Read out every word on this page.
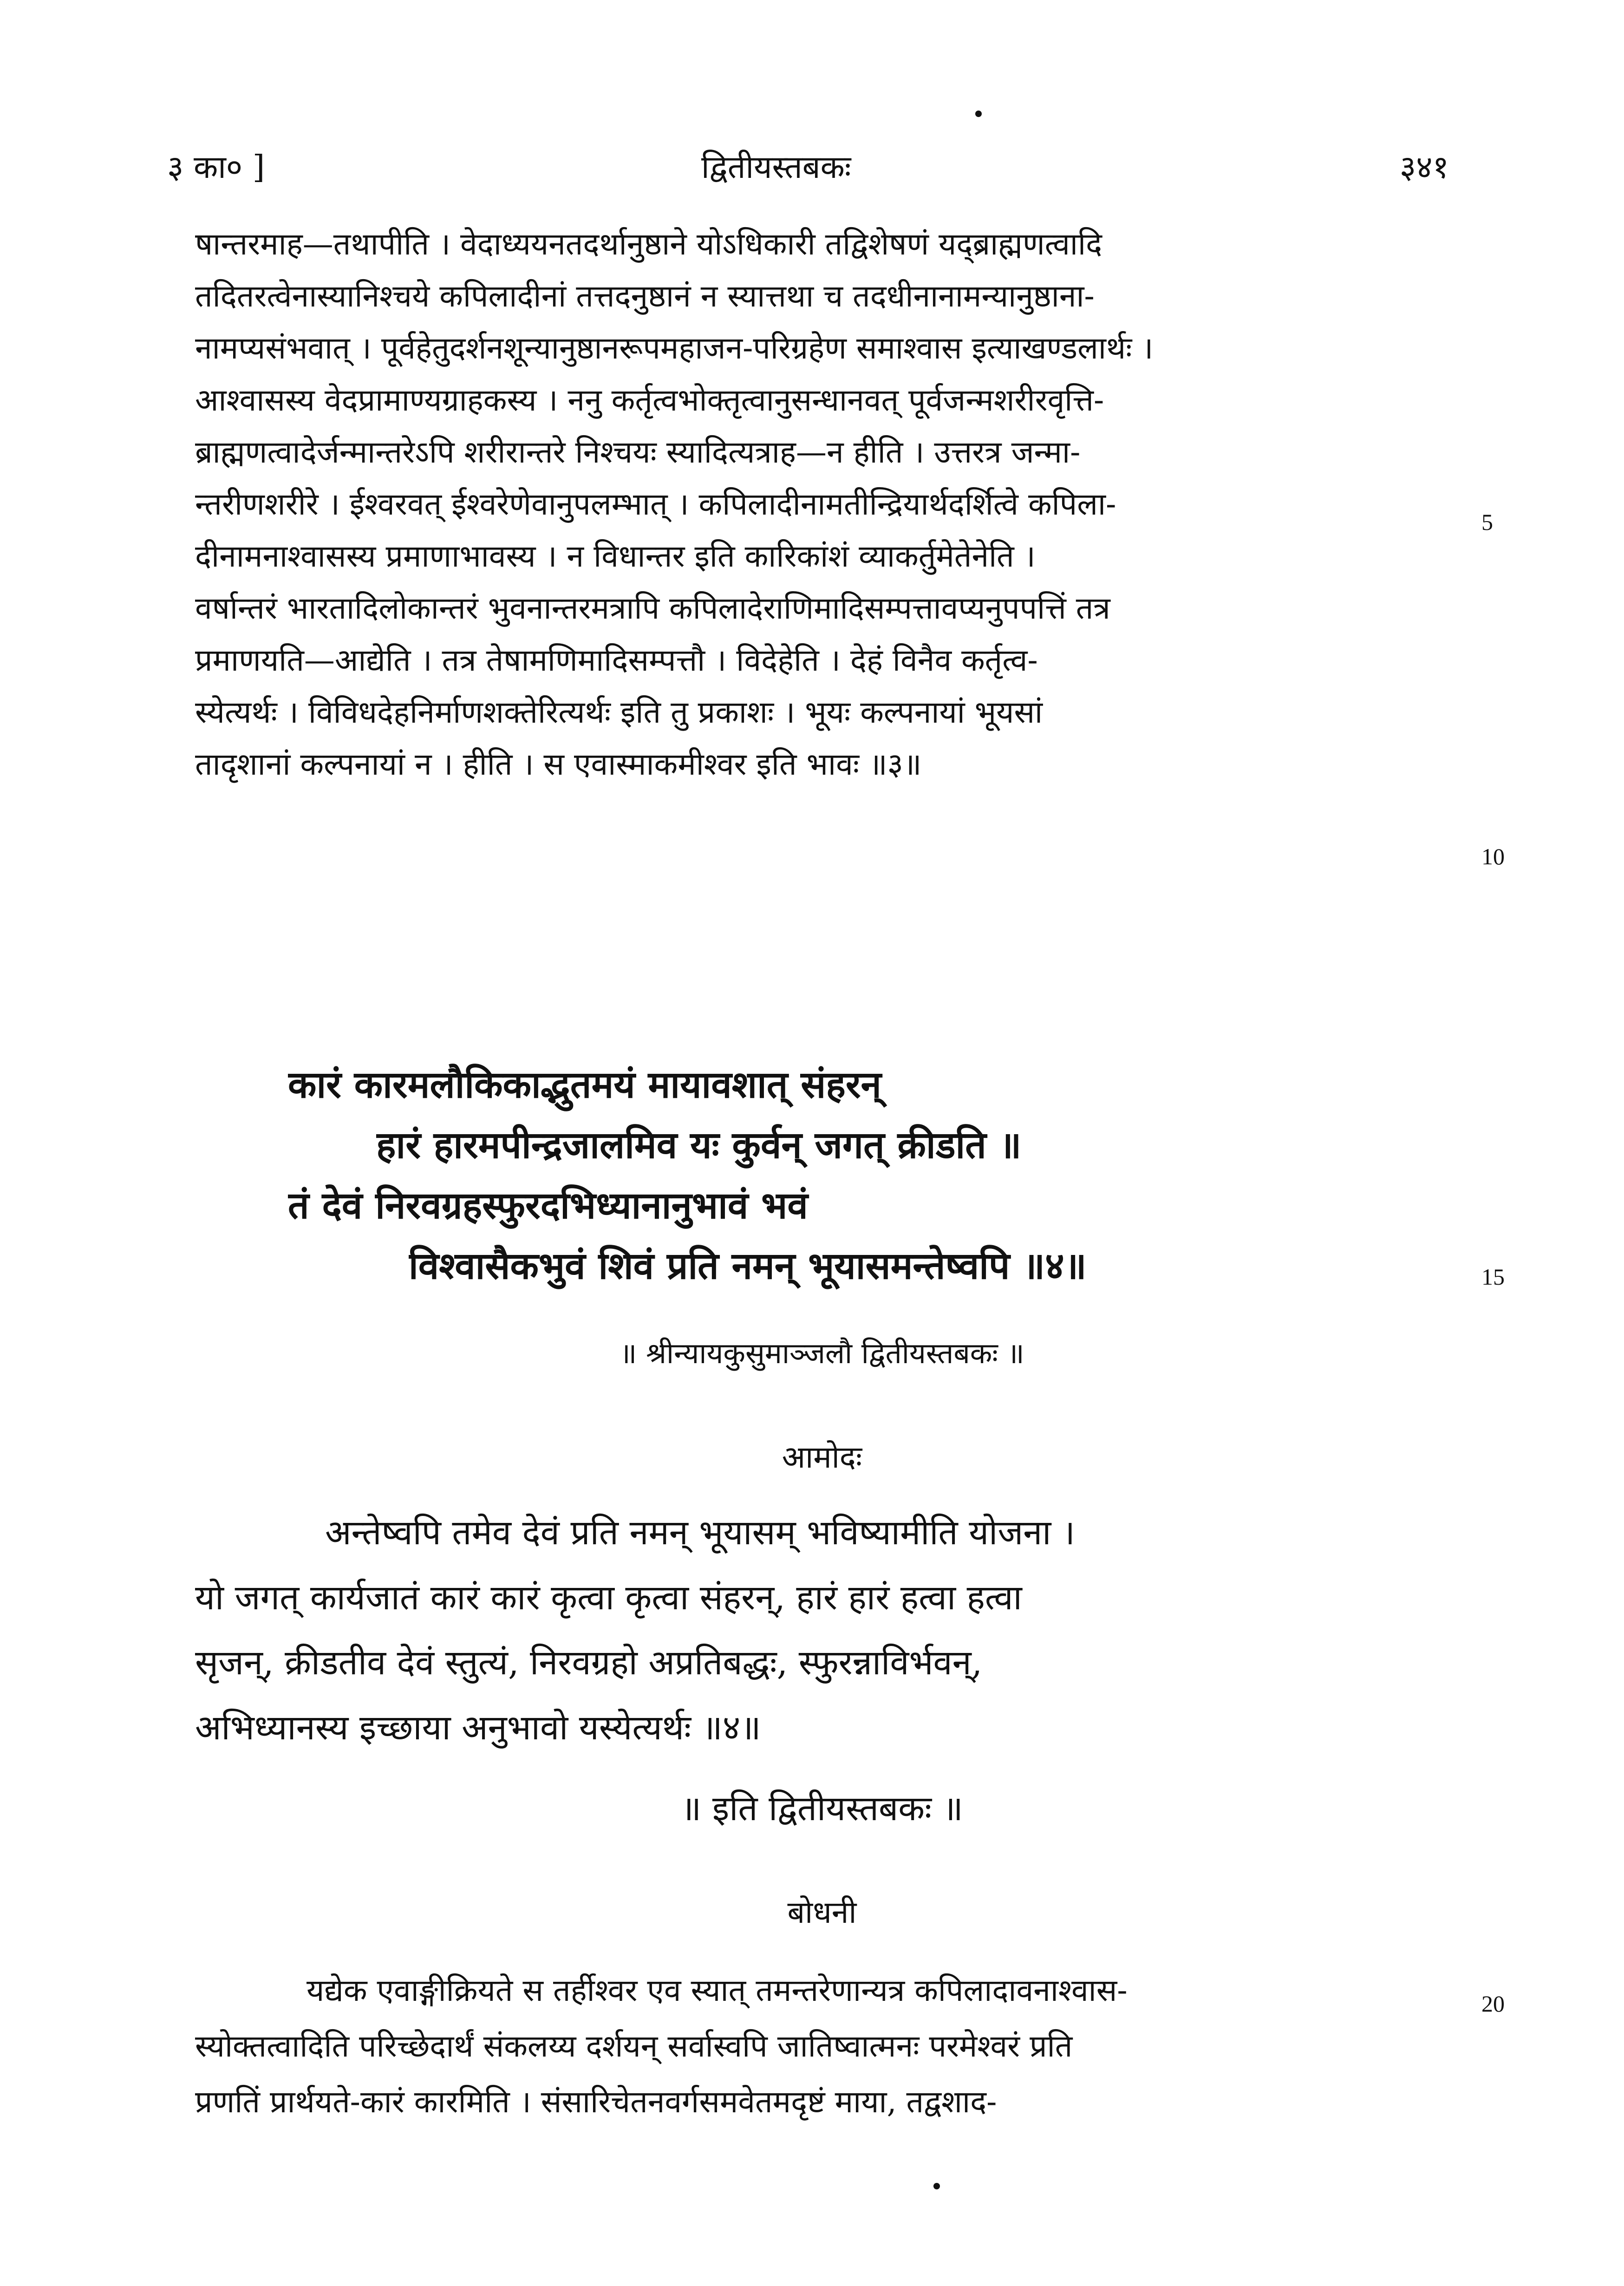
३ का० ]	द्वितीयस्तबकः	३४१
षान्तरमाह—तथापीति । वेदाध्ययनतदर्थानुष्ठाने योऽधिकारी तद्विशेषणं यद्ब्राह्मणत्वादि
तदितरत्वेनास्यानिश्चये कपिलादीनां तत्तदनुष्ठानं न स्यात्तथा च तदधीनानामन्यानुष्ठाना-
नामप्यसंभवात् । पूर्वहेतुदर्शनशून्यानुष्ठानरूपमहाजन-परिग्रहेण समाश्वास इत्याखण्डलार्थः ।
आश्वासस्य वेदप्रामाण्यग्राहकस्य । ननु कर्तृत्वभोक्तृत्वानुसन्धानवत् पूर्वजन्मशरीरवृत्ति-
ब्राह्मणत्वादेर्जन्मान्तरेऽपि शरीरान्तरे निश्चयः स्यादित्यत्राह—न हीति । उत्तरत्र जन्मा-
न्तरीणशरीरे । ईश्वरवत् ईश्वरेणेवानुपलम्भात् । कपिलादीनामतीन्द्रियार्थदर्शित्वे कपिला-
दीनामनाश्वासस्य प्रमाणाभावस्य । न विधान्तर इति कारिकांशं व्याकर्तुमेतेनेति ।
वर्षान्तरं भारतादिलोकान्तरं भुवनान्तरमत्रापि कपिलादेराणिमादिसम्पत्तावप्यनुपपत्तिं तत्र
प्रमाणयति—आद्येति । तत्र तेषामणिमादिसम्पत्तौ । विदेहेति । देहं विनैव कर्तृत्व-
स्येत्यर्थः । विविधदेहनिर्माणशक्तेरित्यर्थः इति तु प्रकाशः । भूयः कल्पनायां भूयसां
तादृशानां कल्पनायां न । हीति । स एवास्माकमीश्वर इति भावः ॥३॥
5
10
15
20
कारं कारमलौकिकाद्भुतमयं मायावशात् संहरन्
हारं हारमपीन्द्रजालमिव यः कुर्वन् जगत् क्रीडति ॥
तं देवं निरवग्रहस्फुरदभिध्यानानुभावं भवं
विश्वासैकभुवं शिवं प्रति नमन् भूयासमन्तेष्वपि ॥४॥
॥ श्रीन्यायकुसुमाञ्जलौ द्वितीयस्तबकः ॥
आमोदः
अन्तेष्वपि तमेव देवं प्रति नमन् भूयासम् भविष्यामीति योजना ।
यो जगत् कार्यजातं कारं कारं कृत्वा कृत्वा संहरन्, हारं हारं हत्वा हत्वा
सृजन्, क्रीडतीव देवं स्तुत्यं, निरवग्रहो अप्रतिबद्धः, स्फुरन्नाविर्भवन्,
अभिध्यानस्य इच्छाया अनुभावो यस्येत्यर्थः ॥४॥
॥ इति द्वितीयस्तबकः ॥
बोधनी
यद्येक एवाङ्गीक्रियते स तर्हीश्वर एव स्यात् तमन्तरेणान्यत्र कपिलादावनाश्वास-
स्योक्तत्वादिति परिच्छेदार्थं संकलय्य दर्शयन् सर्वास्वपि जातिष्वात्मनः परमेश्वरं प्रति
प्रणतिं प्रार्थयते-कारं कारमिति । संसारिचेतनवर्गसमवेतमदृष्टं माया, तद्वशाद-
